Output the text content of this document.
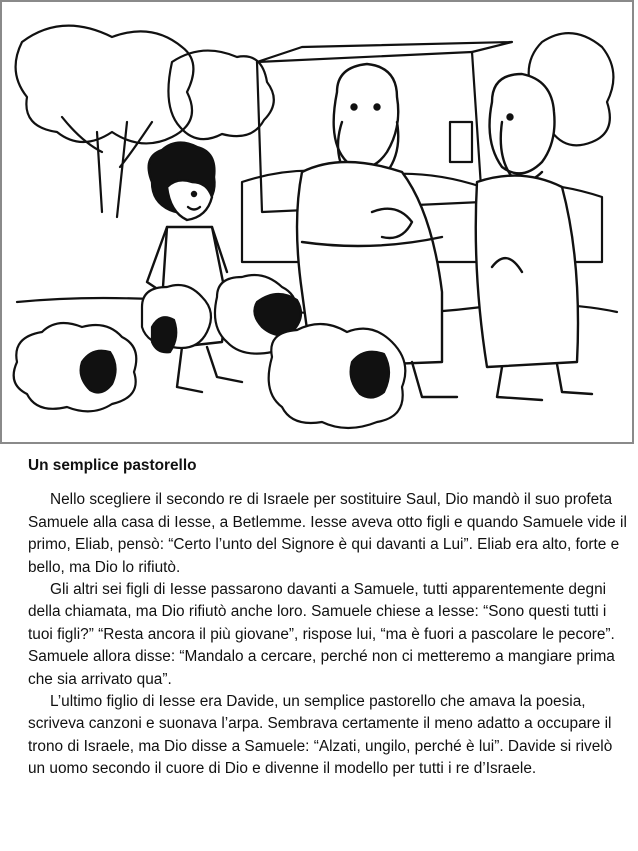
Un semplice pastorello

Nello scegliere il secondo re di Israele per sostituire Saul, Dio mandò il suo profeta Samuele alla casa di Iesse, a Betlemme. Iesse aveva otto figli e quando Samuele vide il primo, Eliab, pensò: “Certo l’unto del Signore è qui davanti a Lui”. Eliab era alto, forte e bello, ma Dio lo rifiutò.

Gli altri sei figli di Iesse passarono davanti a Samuele, tutti apparentemente degni della chiamata, ma Dio rifiutò anche loro. Samuele chiese a Iesse: “Sono questi tutti i tuoi figli?” “Resta ancora il più giovane”, rispose lui, “ma è fuori a pascolare le pecore”. Samuele allora disse: “Mandalo a cercare, perché non ci metteremo a mangiare prima che sia arrivato qua”.

L’ultimo figlio di Iesse era Davide, un semplice pastorello che amava la poesia, scriveva canzoni e suonava l’arpa. Sembrava certamente il meno adatto a occupare il trono di Israele, ma Dio disse a Samuele: “Alzati, ungilo, perché è lui”. Davide si rivelò un uomo secondo il cuore di Dio e divenne il modello per tutti i re d’Israele.
